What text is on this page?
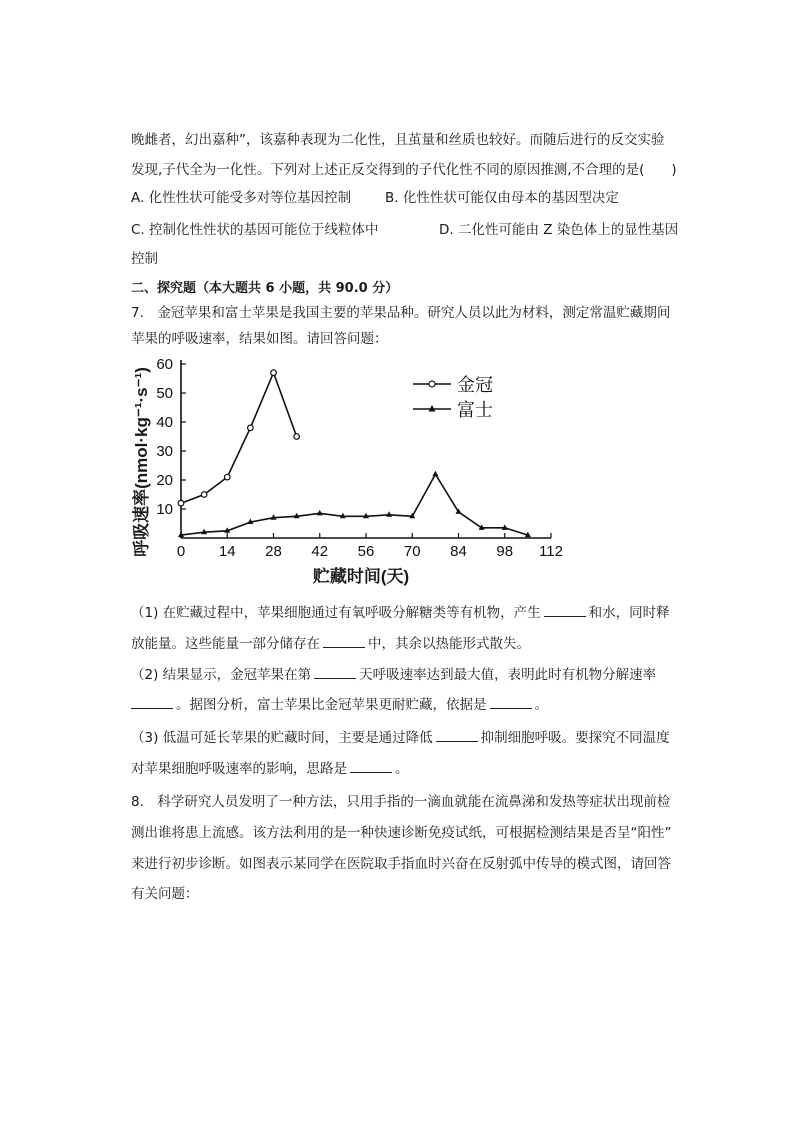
晚雌者，幻出嘉种”，该嘉种表现为二化性，且茧量和丝质也较好。而随后进行的反交实验
发现,子代全为一化性。下列对上述正反交得到的子代化性不同的原因推测,不合理的是(　　)
A. 化性性状可能受多对等位基因控制	B. 化性性状可能仅由母本的基因型决定
C. 控制化性性状的基因可能位于线粒体中	D. 二化性可能由 Z 染色体上的显性基因
控制
二、探究题（本大题共 6 小题，共 90.0 分）
7.　金冠苹果和富士苹果是我国主要的苹果品种。研究人员以此为材料，测定常温贮藏期间
苹果的呼吸速率，结果如图。请回答问题：
0 14 28 42 56 70 84 98 112
10
20
30
40
50
60
金冠
富士
贮藏时间(天)
呼吸速率(nmol·kg⁻¹·s⁻¹)
（1) 在贮藏过程中，苹果细胞通过有氧呼吸分解糖类等有机物，产生	和水，同时释
放能量。这些能量一部分储存在	中，其余以热能形式散失。
（2) 结果显示，金冠苹果在第	天呼吸速率达到最大值，表明此时有机物分解速率
。据图分析，富士苹果比金冠苹果更耐贮藏，依据是	。
（3) 低温可延长苹果的贮藏时间，主要是通过降低	抑制细胞呼吸。要探究不同温度
对苹果细胞呼吸速率的影响，思路是	。
8.　科学研究人员发明了一种方法，只用手指的一滴血就能在流鼻涕和发热等症状出现前检
测出谁将患上流感。该方法利用的是一种快速诊断免疫试纸，可根据检测结果是否呈“阳性”
来进行初步诊断。如图表示某同学在医院取手指血时兴奋在反射弧中传导的模式图，请回答
有关问题：
